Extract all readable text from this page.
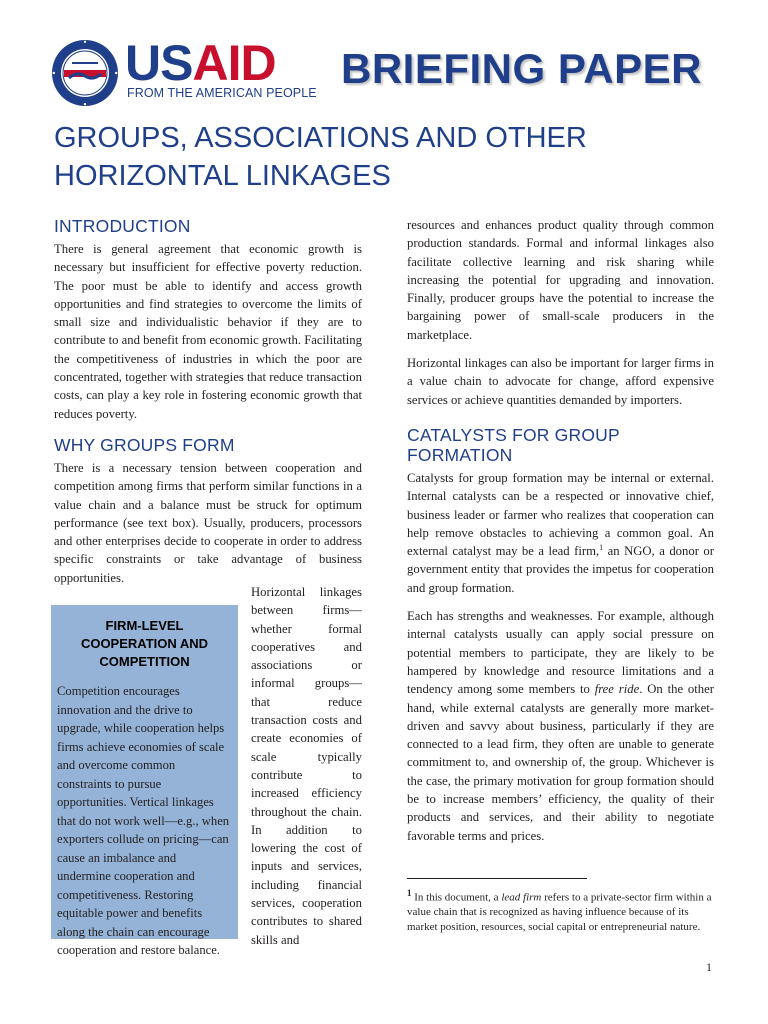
USAID
FROM THE AMERICAN PEOPLE
BRIEFING PAPER
GROUPS, ASSOCIATIONS AND OTHER
HORIZONTAL LINKAGES
INTRODUCTION

There is general agreement that economic growth is necessary but insufficient for effective poverty reduction. The poor must be able to identify and access growth opportunities and find strategies to overcome the limits of small size and individualistic behavior if they are to contribute to and benefit from economic growth. Facilitating the competitiveness of industries in which the poor are concentrated, together with strategies that reduce transaction costs, can play a key role in fostering economic growth that reduces poverty.

WHY GROUPS FORM

There is a necessary tension between cooperation and competition among firms that perform similar functions in a value chain and a balance must be struck for optimum performance (see text box). Usually, producers, processors and other enterprises decide to cooperate in order to address specific constraints or take advantage of business opportunities.

FIRM-LEVEL COOPERATION AND COMPETITION

Competition encourages innovation and the drive to upgrade, while cooperation helps firms achieve economies of scale and overcome common constraints to pursue opportunities. Vertical linkages that do not work well—e.g., when exporters collude on pricing—can cause an imbalance and undermine cooperation and competitiveness. Restoring equitable power and benefits along the chain can encourage cooperation and restore balance.

Horizontal linkages between firms—whether formal cooperatives and associations or informal groups—that reduce transaction costs and create economies of scale typically contribute to increased efficiency throughout the chain. In addition to lowering the cost of inputs and services, including financial services, cooperation contributes to shared skills and

resources and enhances product quality through common production standards. Formal and informal linkages also facilitate collective learning and risk sharing while increasing the potential for upgrading and innovation. Finally, producer groups have the potential to increase the bargaining power of small-scale producers in the marketplace.

Horizontal linkages can also be important for larger firms in a value chain to advocate for change, afford expensive services or achieve quantities demanded by importers.

CATALYSTS FOR GROUP FORMATION

Catalysts for group formation may be internal or external. Internal catalysts can be a respected or innovative chief, business leader or farmer who realizes that cooperation can help remove obstacles to achieving a common goal. An external catalyst may be a lead firm,$^1$ an NGO, a donor or government entity that provides the impetus for cooperation and group formation.

Each has strengths and weaknesses. For example, although internal catalysts usually can apply social pressure on potential members to participate, they are likely to be hampered by knowledge and resource limitations and a tendency among some members to free ride. On the other hand, while external catalysts are generally more market-driven and savvy about business, particularly if they are connected to a lead firm, they often are unable to generate commitment to, and ownership of, the group. Whichever is the case, the primary motivation for group formation should be to increase members’ efficiency, the quality of their products and services, and their ability to negotiate favorable terms and prices.

$^1$ In this document, a lead firm refers to a private-sector firm within a value chain that is recognized as having influence because of its market position, resources, social capital or entrepreneurial nature.
1
